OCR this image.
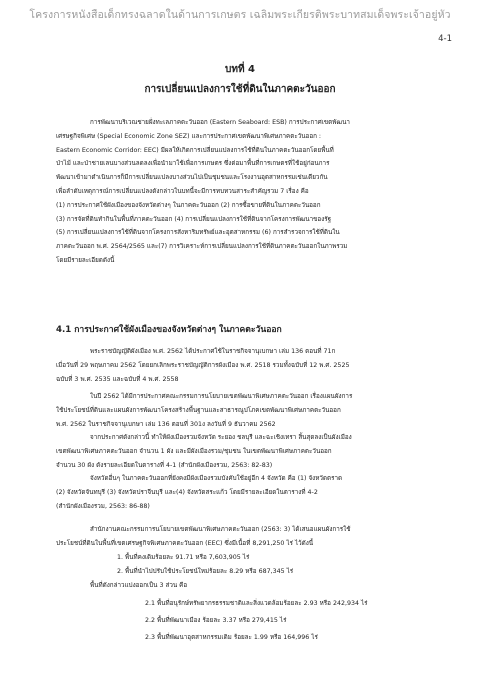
โครงการหนังสือเด็กทรงฉลาดในด้านการเกษตร เฉลิมพระเกียรติพระบาทสมเด็จพระเจ้าอยู่หัว
4-1
บทที่ 4
การเปลี่ยนแปลงการใช้ที่ดินในภาคตะวันออก
การพัฒนาบริเวณชายฝั่งทะเลภาคตะวันออก (Eastern Seaboard: ESB) การประกาศเขตพัฒนา
เศรษฐกิจพิเศษ (Special Economic Zone SEZ) และการประกาศเขตพัฒนาพิเศษภาคตะวันออก :
Eastern Economic Corridor: EEC) มีผลให้เกิดการเปลี่ยนแปลงการใช้ที่ดินในภาคตะวันออกโดยพื้นที่
ป่าไม้ และป่าชายเลนบางส่วนลดลงเพื่อนำมาใช้เพื่อการเกษตร ซึ่งต่อมาพื้นที่การเกษตรที่ใช้อยู่ก่อนการ
พัฒนาเข้ามาดำเนินการก็มีการเปลี่ยนแปลงบางส่วนไปเป็นชุมชนและโรงงานอุตสาหกรรมเช่นเดียวกัน
เพื่อลำดับเหตุการณ์การเปลี่ยนแปลงดังกล่าวในบทนี้จะมีการทบทวนสาระสำคัญรวม 7 เรื่อง คือ
(1) การประกาศใช้ผังเมืองของจังหวัดต่างๆ ในภาคตะวันออก (2) การซื้อขายที่ดินในภาคตะวันออก
(3) การจัดที่ดินทำกินในพื้นที่ภาคตะวันออก (4) การเปลี่ยนแปลงการใช้ที่ดินจากโครงการพัฒนาของรัฐ
(5) การเปลี่ยนแปลงการใช้ที่ดินจากโครงการสังหาริมทรัพย์และอุตสาหกรรม (6) การสำรวจการใช้ที่ดินใน
ภาคตะวันออก พ.ศ. 2564/2565 และ(7) การวิเคราะห์การเปลี่ยนแปลงการใช้ที่ดินภาคตะวันออกในภาพรวม
โดยมีรายละเอียดดังนี้
4.1 การประกาศใช้ผังเมืองของจังหวัดต่างๆ ในภาคตะวันออก
พระราชบัญญัติผังเมือง พ.ศ. 2562 ได้ประกาศใช้ในราชกิจจานุเบกษา เล่ม 136 ตอนที่ 71ก
เมื่อวันที่ 29 พฤษภาคม 2562 โดยยกเลิกพระราชบัญญัติการผังเมือง พ.ศ. 2518 รวมทั้งฉบับที่ 12 พ.ศ. 2525
ฉบับที่ 3 พ.ศ. 2535 และฉบับที่ 4 พ.ศ. 2558
ในปี 2562 ได้มีการประกาศคณะกรรมการนโยบายเขตพัฒนาพิเศษภาคตะวันออก เรื่องแผนผังการ
ใช้ประโยชน์ที่ดินและแผนผังการพัฒนาโครงสร้างพื้นฐานและสาธารณูปโภคเขตพัฒนาพิเศษภาคตะวันออก
พ.ศ. 2562 ในราชกิจจานุเบกษา เล่ม 136 ตอนที่ 301ง ลงวันที่ 9 ธันวาคม 2562
จากประกาศดังกล่าวนี้ ทำให้ผังเมืองรวมจังหวัด ระยอง ชลบุรี และฉะเชิงเทรา สิ้นสุดลงเป็นผังเมือง
เขตพัฒนาพิเศษภาคตะวันออก จำนวน 1 ผัง และมีผังเมืองรวม/ชุมชน ในเขตพัฒนาพิเศษภาคตะวันออก
จำนวน 30 ผัง ดังรายละเอียดในตารางที่ 4-1 (สำนักผังเมืองรวม, 2563: 82-83)
จังหวัดอื่นๆ ในภาคตะวันออกที่ยังคงมีผังเมืองรวมบังคับใช้อยู่อีก 4 จังหวัด คือ (1) จังหวัดตราด
(2) จังหวัดจันทบุรี (3) จังหวัดปราจีนบุรี และ(4) จังหวัดสระแก้ว โดยมีรายละเอียดในตารางที่ 4-2
(สำนักผังเมืองรวม, 2563: 86-88)
สำนักงานคณะกรรมการนโยบายเขตพัฒนาพิเศษภาคตะวันออก (2563: 3) ได้เสนอแผนผังการใช้
ประโยชน์ที่ดินในพื้นที่เขตเศรษฐกิจพิเศษภาคตะวันออก (EEC) ซึ่งมีเนื้อที่ 8,291,250 ไร่ ไว้ดังนี้
1. พื้นที่คงเดิมร้อยละ 91.71 หรือ 7,603,905 ไร่
2. พื้นที่นำไปปรับใช้ประโยชน์ใหม่ร้อยละ 8.29 หรือ 687,345 ไร่
พื้นที่ดังกล่าวแบ่งออกเป็น 3 ส่วน คือ
2.1 พื้นที่อนุรักษ์ทรัพยากรธรรมชาติและสิ่งแวดล้อมร้อยละ 2.93 หรือ 242,934 ไร่
2.2 พื้นที่พัฒนาเมือง ร้อยละ 3.37 หรือ 279,415 ไร่
2.3 พื้นที่พัฒนาอุตสาหกรรมเดิม ร้อยละ 1.99 หรือ 164,996 ไร่
